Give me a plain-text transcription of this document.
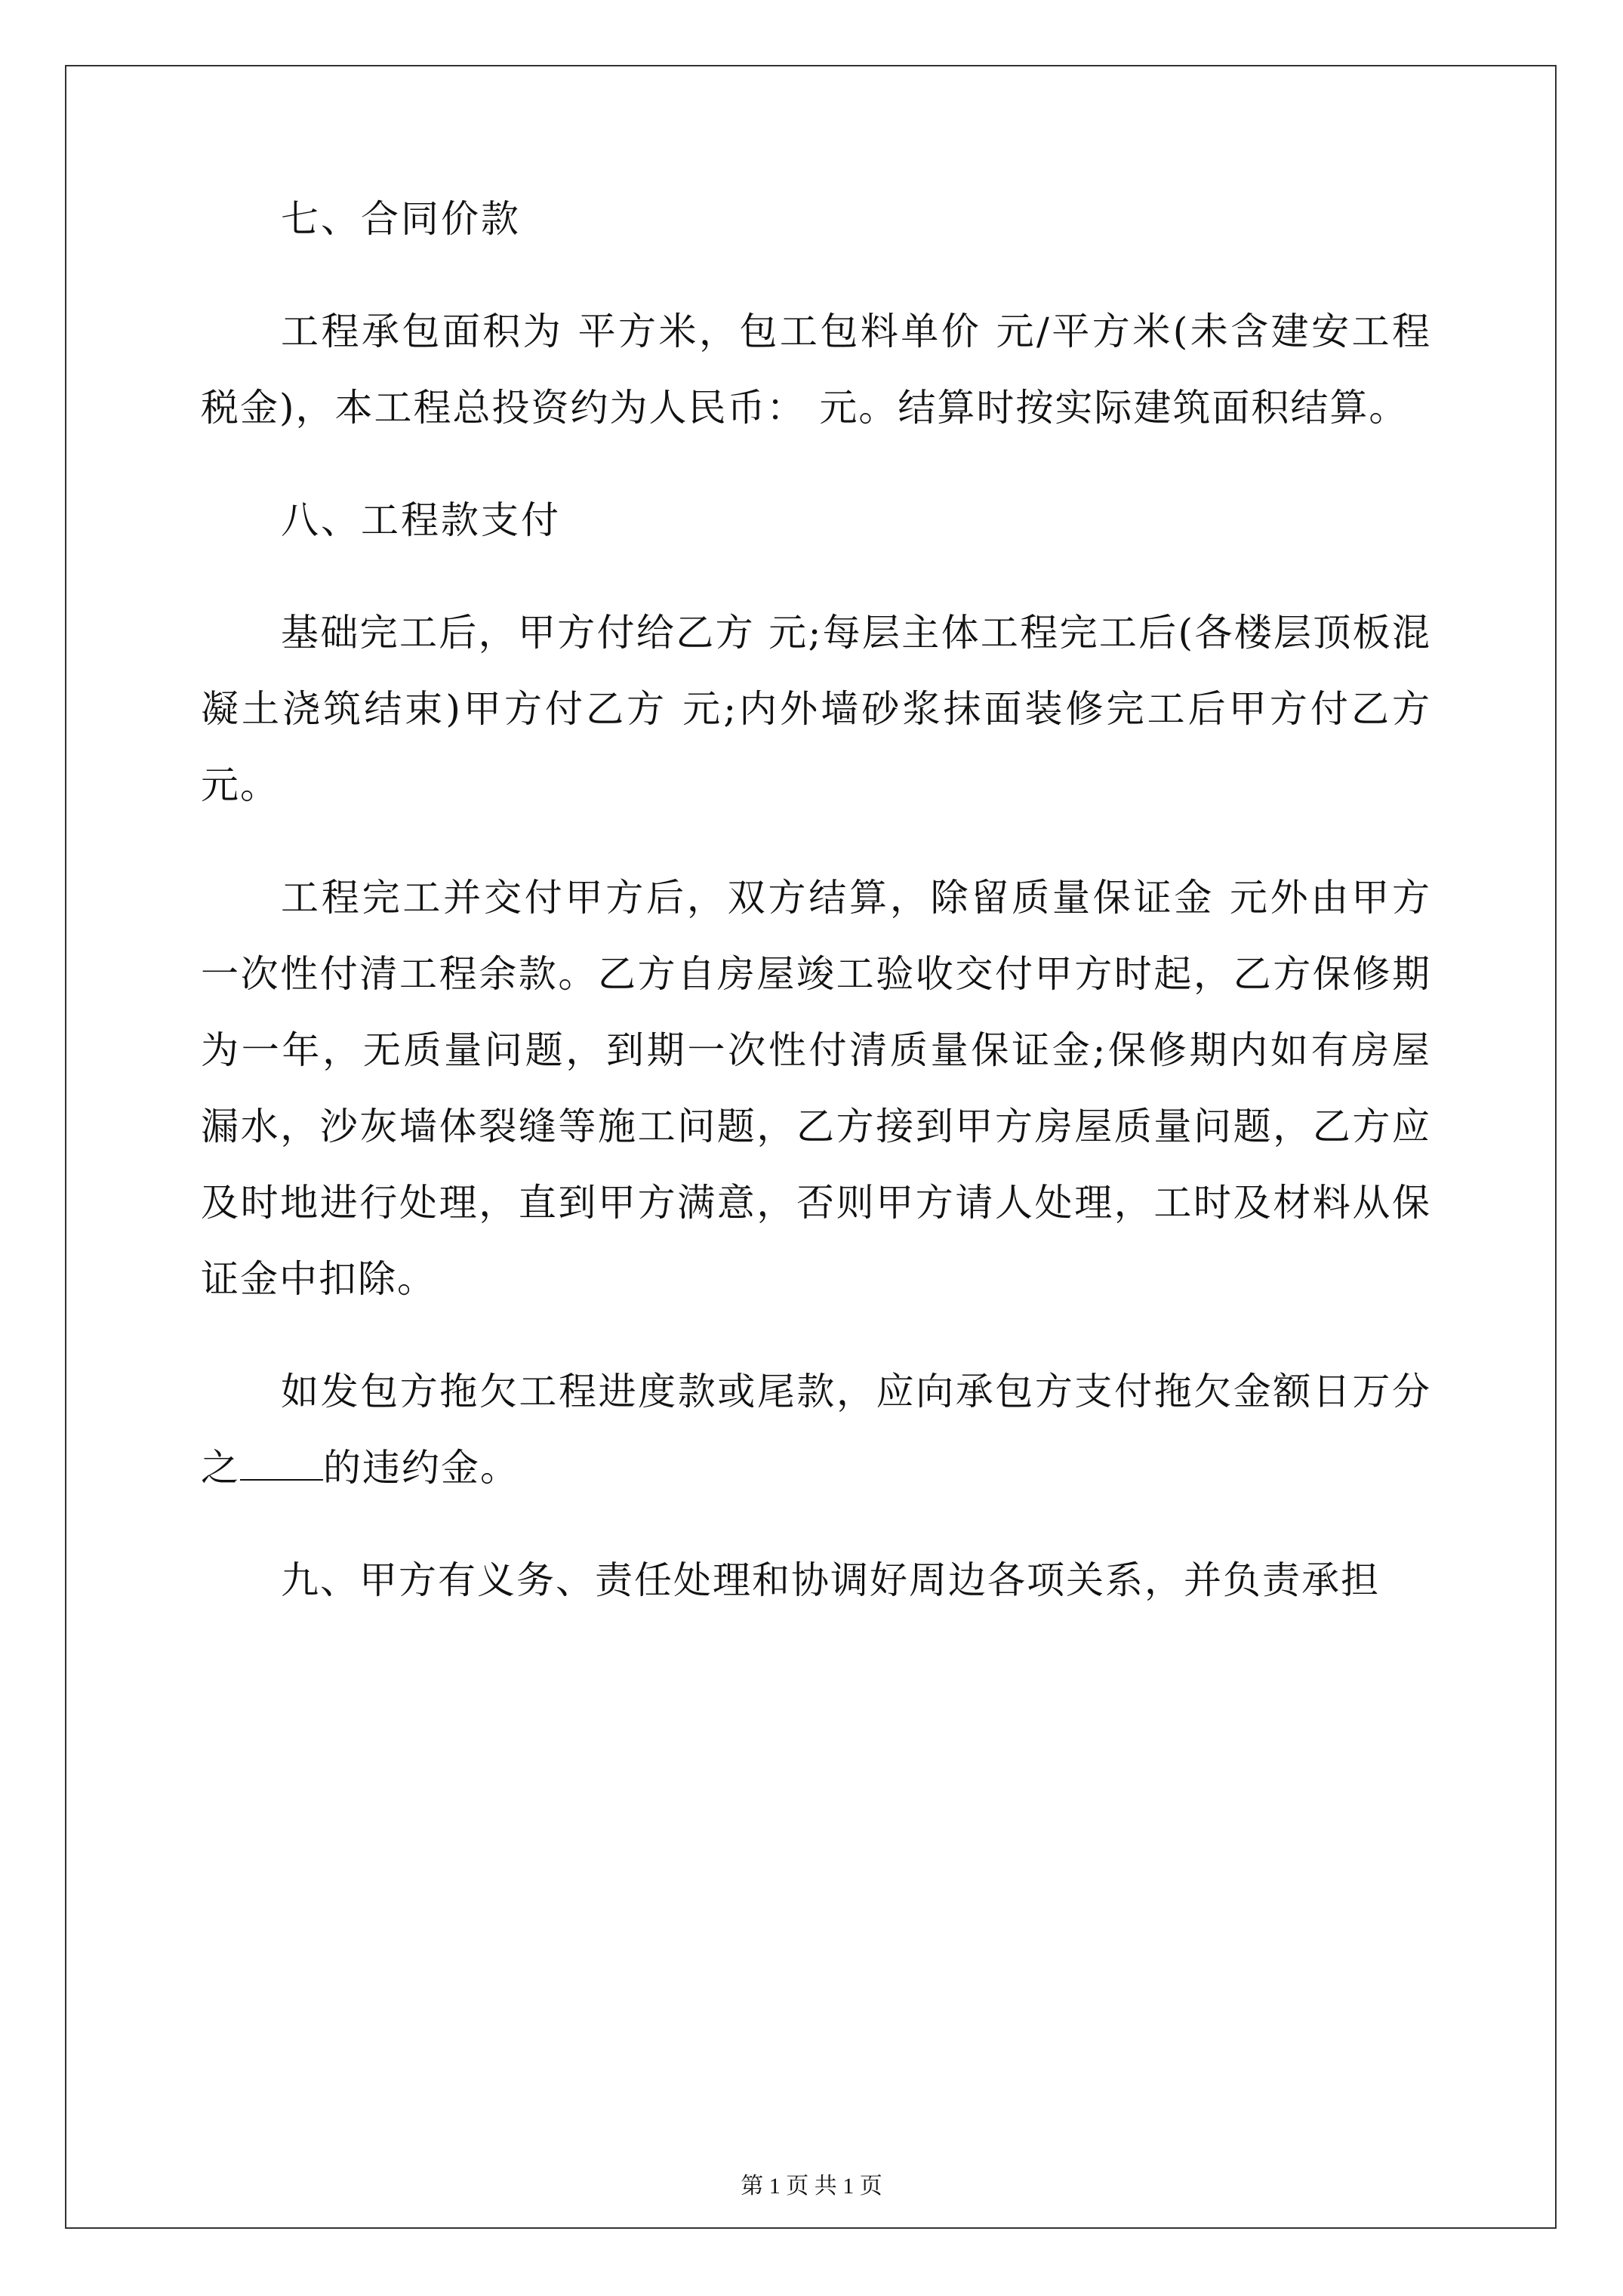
七、合同价款

工程承包面积为 平方米，包工包料单价 元/平方米(未含建安工程税金)，本工程总投资约为人民币： 元。结算时按实际建筑面积结算。

八、工程款支付

基础完工后，甲方付给乙方 元;每层主体工程完工后(各楼层顶板混凝土浇筑结束)甲方付乙方 元;内外墙砂浆抹面装修完工后甲方付乙方 元。

工程完工并交付甲方后，双方结算，除留质量保证金 元外由甲方一次性付清工程余款。乙方自房屋竣工验收交付甲方时起，乙方保修期为一年，无质量问题，到期一次性付清质量保证金;保修期内如有房屋漏水，沙灰墙体裂缝等施工问题，乙方接到甲方房屋质量问题，乙方应及时地进行处理，直到甲方满意，否则甲方请人处理，工时及材料从保证金中扣除。

如发包方拖欠工程进度款或尾款，应向承包方支付拖欠金额日万分之 的违约金。

九、甲方有义务、责任处理和协调好周边各项关系，并负责承担

第 1 页 共 1 页
